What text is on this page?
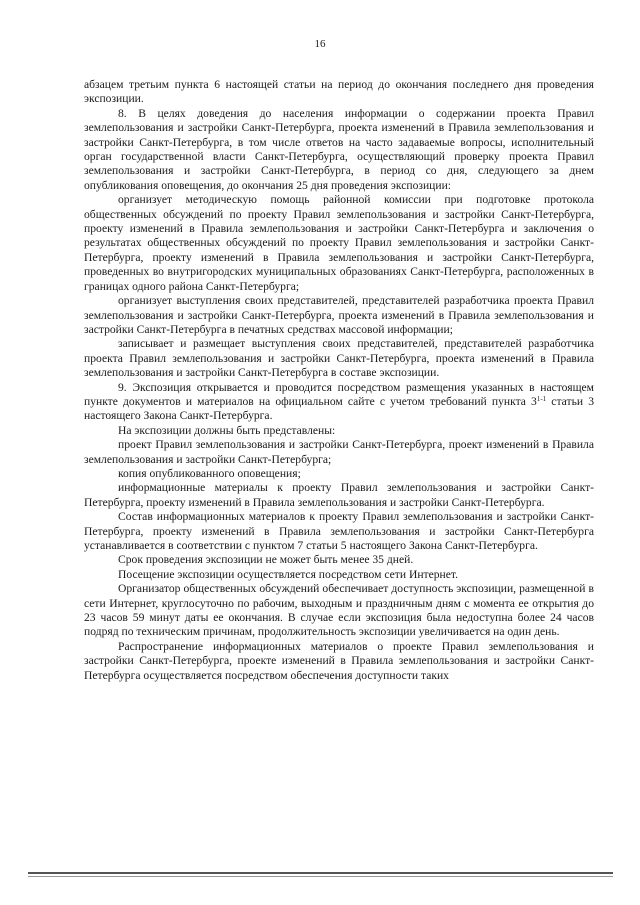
16

абзацем третьим пункта 6 настоящей статьи на период до окончания последнего дня проведения экспозиции.

8. В целях доведения до населения информации о содержании проекта Правил землепользования и застройки Санкт-Петербурга, проекта изменений в Правила землепользования и застройки Санкт-Петербурга, в том числе ответов на часто задаваемые вопросы, исполнительный орган государственной власти Санкт-Петербурга, осуществляющий проверку проекта Правил землепользования и застройки Санкт-Петербурга, в период со дня, следующего за днем опубликования оповещения, до окончания 25 дня проведения экспозиции:

организует методическую помощь районной комиссии при подготовке протокола общественных обсуждений по проекту Правил землепользования и застройки Санкт-Петербурга, проекту изменений в Правила землепользования и застройки Санкт-Петербурга и заключения о результатах общественных обсуждений по проекту Правил землепользования и застройки Санкт-Петербурга, проекту изменений в Правила землепользования и застройки Санкт-Петербурга, проведенных во внутригородских муниципальных образованиях Санкт-Петербурга, расположенных в границах одного района Санкт-Петербурга;

организует выступления своих представителей, представителей разработчика проекта Правил землепользования и застройки Санкт-Петербурга, проекта изменений в Правила землепользования и застройки Санкт-Петербурга в печатных средствах массовой информации;

записывает и размещает выступления своих представителей, представителей разработчика проекта Правил землепользования и застройки Санкт-Петербурга, проекта изменений в Правила землепользования и застройки Санкт-Петербурга в составе экспозиции.

9. Экспозиция открывается и проводится посредством размещения указанных в настоящем пункте документов и материалов на официальном сайте с учетом требований пункта 3$^{1-1}$ статьи 3 настоящего Закона Санкт-Петербурга.

На экспозиции должны быть представлены:

проект Правил землепользования и застройки Санкт-Петербурга, проект изменений в Правила землепользования и застройки Санкт-Петербурга;

копия опубликованного оповещения;

информационные материалы к проекту Правил землепользования и застройки Санкт-Петербурга, проекту изменений в Правила землепользования и застройки Санкт-Петербурга.

Состав информационных материалов к проекту Правил землепользования и застройки Санкт-Петербурга, проекту изменений в Правила землепользования и застройки Санкт-Петербурга устанавливается в соответствии с пунктом 7 статьи 5 настоящего Закона Санкт-Петербурга.

Срок проведения экспозиции не может быть менее 35 дней.

Посещение экспозиции осуществляется посредством сети Интернет.

Организатор общественных обсуждений обеспечивает доступность экспозиции, размещенной в сети Интернет, круглосуточно по рабочим, выходным и праздничным дням с момента ее открытия до 23 часов 59 минут даты ее окончания. В случае если экспозиция была недоступна более 24 часов подряд по техническим причинам, продолжительность экспозиции увеличивается на один день.

Распространение информационных материалов о проекте Правил землепользования и застройки Санкт-Петербурга, проекте изменений в Правила землепользования и застройки Санкт-Петербурга осуществляется посредством обеспечения доступности таких
